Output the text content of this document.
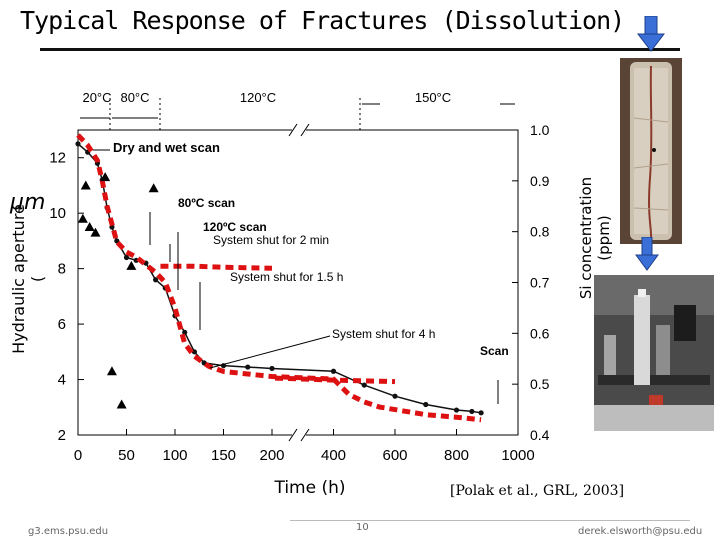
Typical Response of Fractures (Dissolution)
Hydraulic aperture (
μm	Si concentration (ppm)
Time (h)	[Polak et al., GRL, 2003]
20°C 80°C	120°C	150°C
0 50 100 150 200 400 600 800 1000
2
4
6
8
10
12
0.4
0.5
0.6
0.7
0.8
0.9
1.0
Dry and wet scan
80ºC scan
120ºC scan
System shut for 2 min
System shut for 1.5 h
System shut for 4 h
Scan
g3.ems.psu.edu	10	derek.elsworth@psu.edu
